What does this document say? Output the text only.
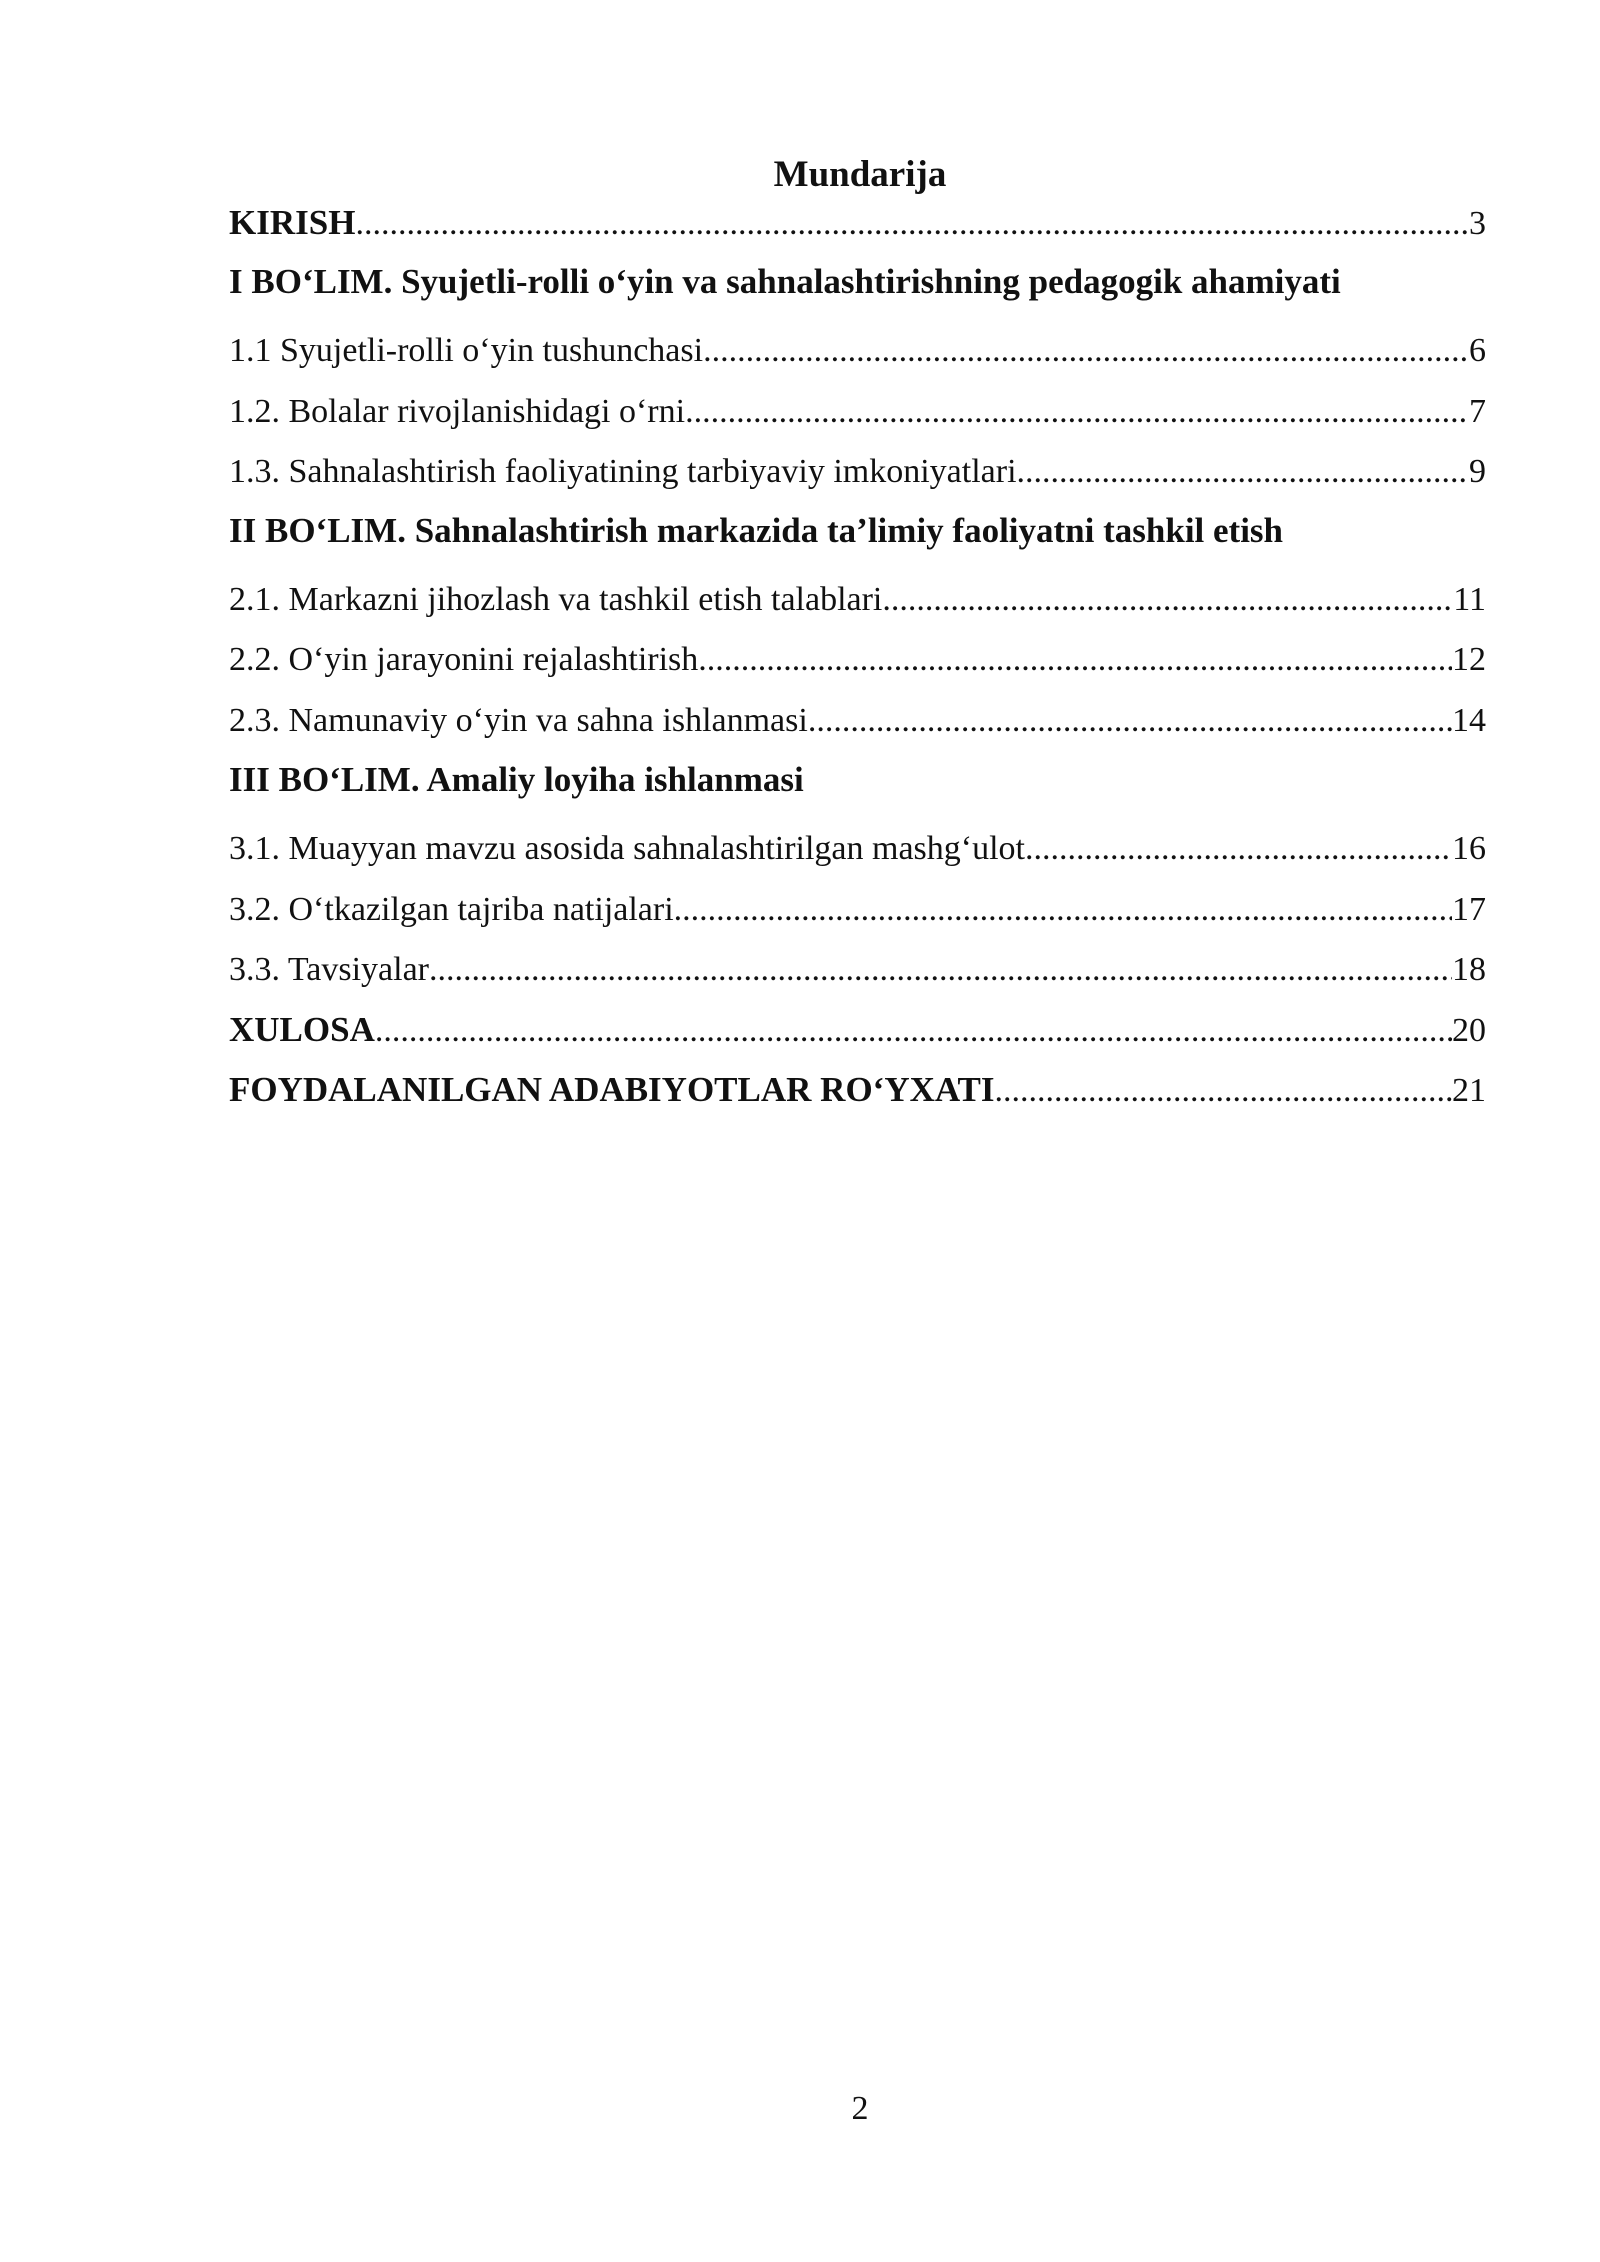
Mundarija
KIRISH .....	3
I BO‘LIM. Syujetli-rolli o‘yin va sahnalashtirishning pedagogik ahamiyati
1.1 Syujetli-rolli o‘yin tushunchasi .....	6
1.2. Bolalar rivojlanishidagi o‘rni .....	7
1.3. Sahnalashtirish faoliyatining tarbiyaviy imkoniyatlari .....	9
II BO‘LIM. Sahnalashtirish markazida ta’limiy faoliyatni tashkil etish
2.1. Markazni jihozlash va tashkil etish talablari .....	11
2.2. O‘yin jarayonini rejalashtirish .....	12
2.3. Namunaviy o‘yin va sahna ishlanmasi .....	14
III BO‘LIM. Amaliy loyiha ishlanmasi
3.1. Muayyan mavzu asosida sahnalashtirilgan mashg‘ulot .....	16
3.2. O‘tkazilgan tajriba natijalari .....	17
3.3. Tavsiyalar .....	18
XULOSA .....	20
FOYDALANILGAN ADABIYOTLAR RO‘YXATI .....	21
2
